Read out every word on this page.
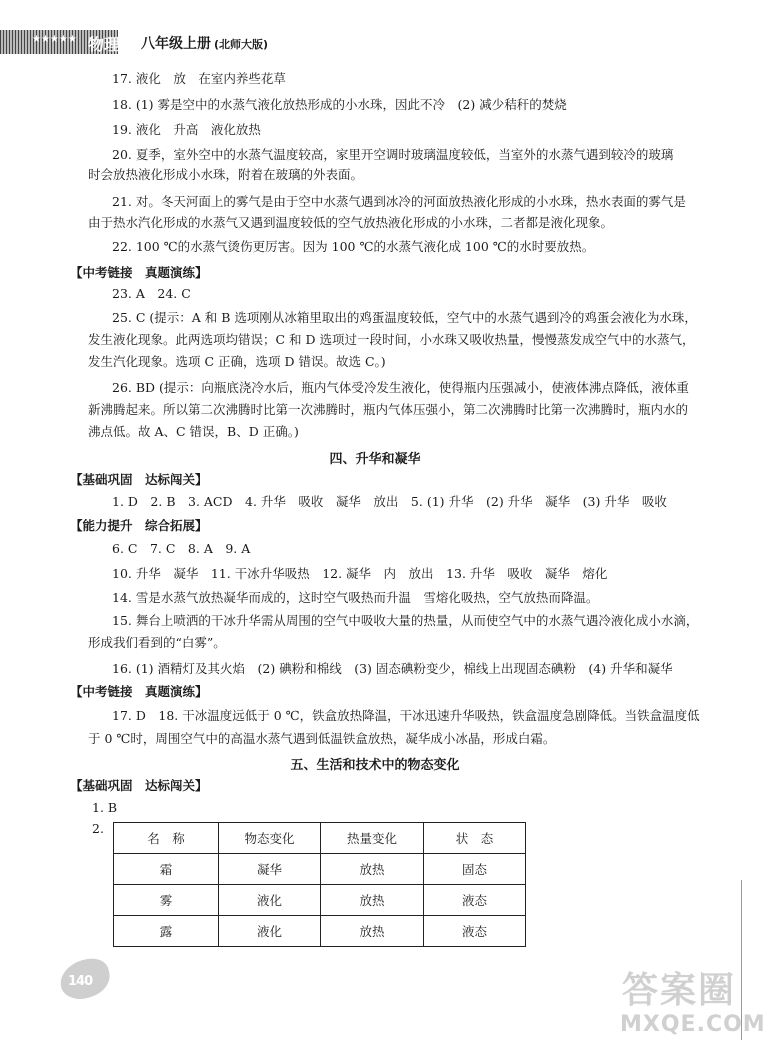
★★★★★ 物理 八年级上册 (北师大版)
17. 液化　放　在室内养些花草
18. (1) 雾是空中的水蒸气液化放热形成的小水珠，因此不冷　(2) 减少秸秆的焚烧
19. 液化　升高　液化放热
20. 夏季，室外空中的水蒸气温度较高，家里开空调时玻璃温度较低，当室外的水蒸气遇到较冷的玻璃
时会放热液化形成小水珠，附着在玻璃的外表面。
21. 对。冬天河面上的雾气是由于空中水蒸气遇到冰冷的河面放热液化形成的小水珠，热水表面的雾气是
由于热水汽化形成的水蒸气又遇到温度较低的空气放热液化形成的小水珠，二者都是液化现象。
22. 100 ℃的水蒸气烫伤更厉害。因为 100 ℃的水蒸气液化成 100 ℃的水时要放热。
【中考链接　真题演练】
23. A　24. C
25. C (提示：A 和 B 选项刚从冰箱里取出的鸡蛋温度较低，空气中的水蒸气遇到冷的鸡蛋会液化为水珠，
发生液化现象。此两选项均错误；C 和 D 选项过一段时间，小水珠又吸收热量，慢慢蒸发成空气中的水蒸气，
发生汽化现象。选项 C 正确，选项 D 错误。故选 C。)
26. BD (提示：向瓶底浇冷水后，瓶内气体受冷发生液化，使得瓶内压强减小，使液体沸点降低，液体重
新沸腾起来。所以第二次沸腾时比第一次沸腾时，瓶内气体压强小，第二次沸腾时比第一次沸腾时，瓶内水的
沸点低。故 A、C 错误，B、D 正确。)
四、升华和凝华
【基础巩固　达标闯关】
1. D　2. B　3. ACD　4. 升华　吸收　凝华　放出　5. (1) 升华　(2) 升华　凝华　(3) 升华　吸收
【能力提升　综合拓展】
6. C　7. C　8. A　9. A
10. 升华　凝华　11. 干冰升华吸热　12. 凝华　内　放出　13. 升华　吸收　凝华　熔化
14. 雪是水蒸气放热凝华而成的，这时空气吸热而升温　雪熔化吸热，空气放热而降温。
15. 舞台上喷洒的干冰升华需从周围的空气中吸收大量的热量，从而使空气中的水蒸气遇冷液化成小水滴，
形成我们看到的“白雾”。
16. (1) 酒精灯及其火焰　(2) 碘粉和棉线　(3) 固态碘粉变少，棉线上出现固态碘粉　(4) 升华和凝华
【中考链接　真题演练】
17. D　18. 干冰温度远低于 0 ℃，铁盒放热降温，干冰迅速升华吸热，铁盒温度急剧降低。当铁盒温度低
于 0 ℃时，周围空气中的高温水蒸气遇到低温铁盒放热，凝华成小冰晶，形成白霜。
五、生活和技术中的物态变化
【基础巩固　达标闯关】
1. B
2.
名　称	物态变化	热量变化	状　态
霜	凝华	放热	固态
雾	液化	放热	液态
露	液化	放热	液态
140	答案圈
MXQE.COM
